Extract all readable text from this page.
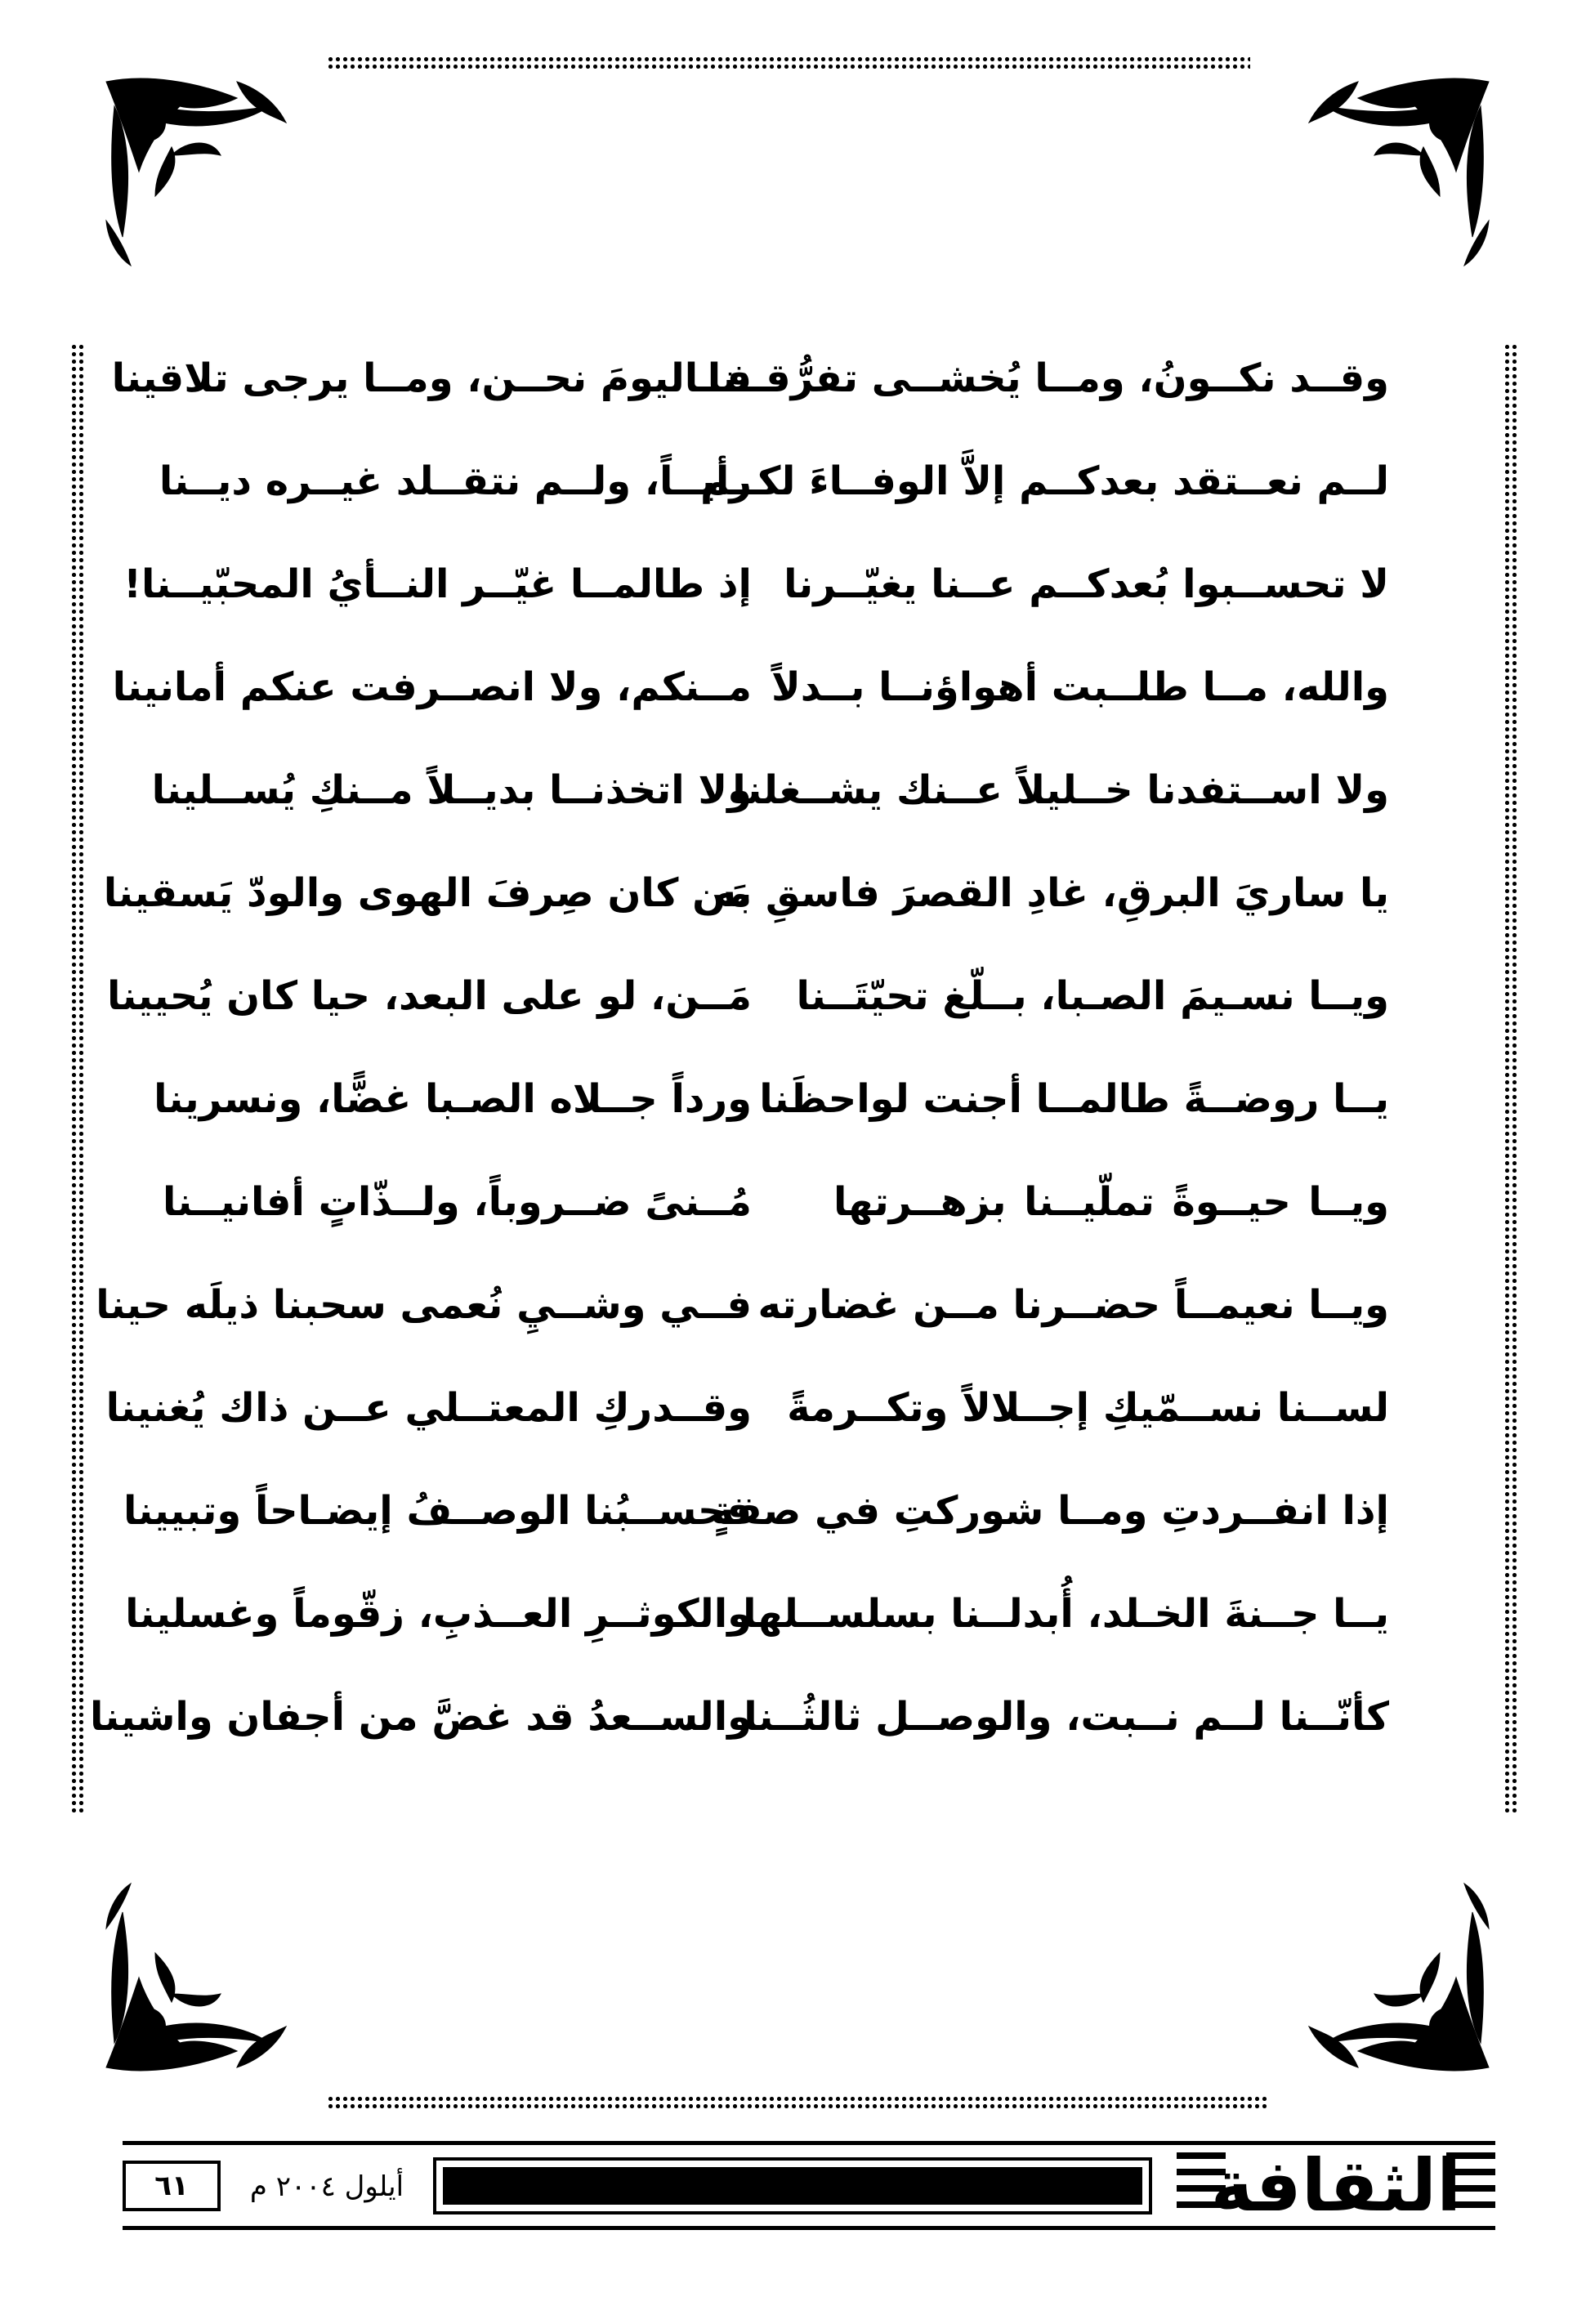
وقــد نكــونُ، ومــا يُخشــى تفرُّقــنا
فــاليومَ نحــن، ومــا يرجى تلاقينا
لــم نعــتقد بعدكــم إلاَّ الوفــاءَ لكــم
رأيــاً، ولــم نتقــلد غيــره ديــنا
لا تحســبوا بُعدكــم عــنا يغيّــرنا
إذ طالمــا غيّــر النــأيُ المحبّيــنا!
والله، مــا طلــبت أهواؤنــا بــدلاً
مــنكم، ولا انصــرفت عنكم أمانينا
ولا اســتفدنا خــليلاً عــنك يشــغلنا
ولا اتخذنــا بديــلاً مــنكِ يُســلينا
يا ساريَ البرقِ، غادِ القصرَ فاسقِ به
مَن كان صِرفَ الهوى والودّ يَسقينا
ويــا نسـيمَ الصـبا، بــلّغ تحيّتَــنا
مَــن، لو على البعد، حيا كان يُحيينا
يــا روضــةً طالمــا أجنت لواحظَنا
ورداً جــلاه الصـبا غضًّا، ونسرينا
ويــا حيــوةً تملّيــنا بزهــرتها
مُــنىً ضــروباً، ولــذّاتٍ أفانيــنا
ويــا نعيمــاً حضــرنا مــن غضارته
فــي وشــيِ نُعمى سحبنا ذيلَه حينا
لســنا نســمّيكِ إجــلالاً وتكــرمةً
وقــدركِ المعتــلي عــن ذاك يُغنينا
إذا انفــردتِ ومــا شوركتِ في صفةٍ
فحســبُنا الوصــفُ إيضـاحاً وتبيينا
يــا جــنةَ الخـلد، أُبدلــنا بسلســلها
والكوثــرِ العــذبِ، زقّوماً وغسلينا
كأنّــنا لــم نــبت، والوصــل ثالثُــنا
والســعدُ قد غضَّ من أجفان واشينا
٦١	أيلول ٢٠٠٤ م	الثقافة
